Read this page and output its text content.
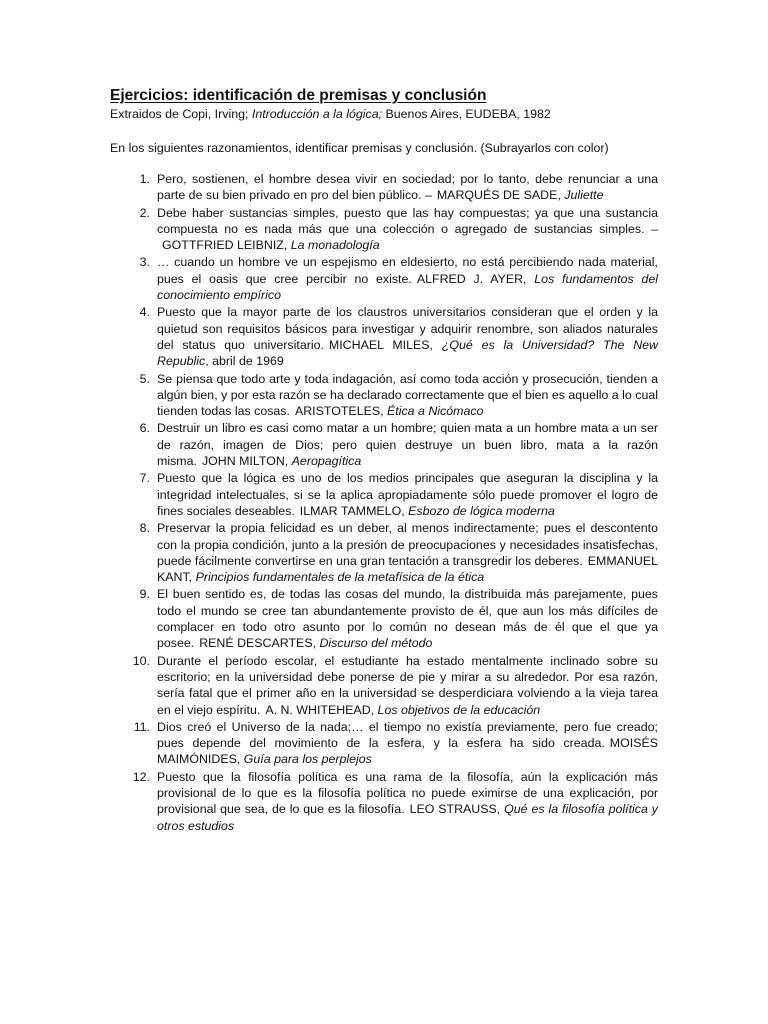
Ejercicios: identificación de premisas y conclusión

Extraidos de Copi, Irving; Introducción a la lógica; Buenos Aires, EUDEBA, 1982

En los siguientes razonamientos, identificar premisas y conclusión. (Subrayarlos con color)

1. Pero, sostienen, el hombre desea vivir en sociedad; por lo tanto, debe renunciar a una parte de su bien privado en pro del bien público. – MARQUÉS DE SADE, Juliette
2. Debe haber sustancias simples, puesto que las hay compuestas; ya que una sustancia compuesta no es nada más que una colección o agregado de sustancias simples. –GOTTFRIED LEIBNIZ, La monadología
3. … cuando un hombre ve un espejismo en eldesierto, no está percibiendo nada material, pues el oasis que cree percibir no existe. ALFRED J. AYER, Los fundamentos del conocimiento empírico
4. Puesto que la mayor parte de los claustros universitarios consideran que el orden y la quietud son requisitos básicos para investigar y adquirir renombre, son aliados naturales del status quo universitario. MICHAEL MILES, ¿Qué es la Universidad? The New Republic, abril de 1969
5. Se piensa que todo arte y toda indagación, así como toda acción y prosecución, tienden a algún bien, y por esta razón se ha declarado correctamente que el bien es aquello a lo cual tienden todas las cosas. ARISTOTELES, Ética a Nicómaco
6. Destruir un libro es casi como matar a un hombre; quien mata a un hombre mata a un ser de razón, imagen de Dios; pero quien destruye un buen libro, mata a la razón misma. JOHN MILTON, Aeropagítica
7. Puesto que la lógica es uno de los medios principales que aseguran la disciplina y la integridad intelectuales, si se la aplica apropiadamente sólo puede promover el logro de fines sociales deseables. ILMAR TAMMELO, Esbozo de lógica moderna
8. Preservar la propia felicidad es un deber, al menos indirectamente; pues el descontento con la propia condición, junto a la presión de preocupaciones y necesidades insatisfechas, puede fácilmente convertirse en una gran tentación a transgredir los deberes. EMMANUEL KANT, Principios fundamentales de la metafísica de la ética
9. El buen sentido es, de todas las cosas del mundo, la distribuida más parejamente, pues todo el mundo se cree tan abundantemente provisto de él, que aun los más difíciles de complacer en todo otro asunto por lo común no desean más de él que el que ya posee. RENÉ DESCARTES, Discurso del método
10. Durante el período escolar, el estudiante ha estado mentalmente inclinado sobre su escritorio; en la universidad debe ponerse de pie y mirar a su alrededor. Por esa razón, sería fatal que el primer año en la universidad se desperdiciara volviendo a la vieja tarea en el viejo espíritu. A. N. WHITEHEAD, Los objetivos de la educación
11. Dios creó el Universo de la nada;… el tiempo no existía previamente, pero fue creado; pues depende del movimiento de la esfera, y la esfera ha sido creada. MOISÉS MAIMÓNIDES, Guía para los perplejos
12. Puesto que la filosofía política es una rama de la filosofía, aún la explicación más provisional de lo que es la filosofía política no puede eximirse de una explicación, por provisional que sea, de lo que es la filosofía. LEO STRAUSS, Qué es la filosofía política y otros estudios
